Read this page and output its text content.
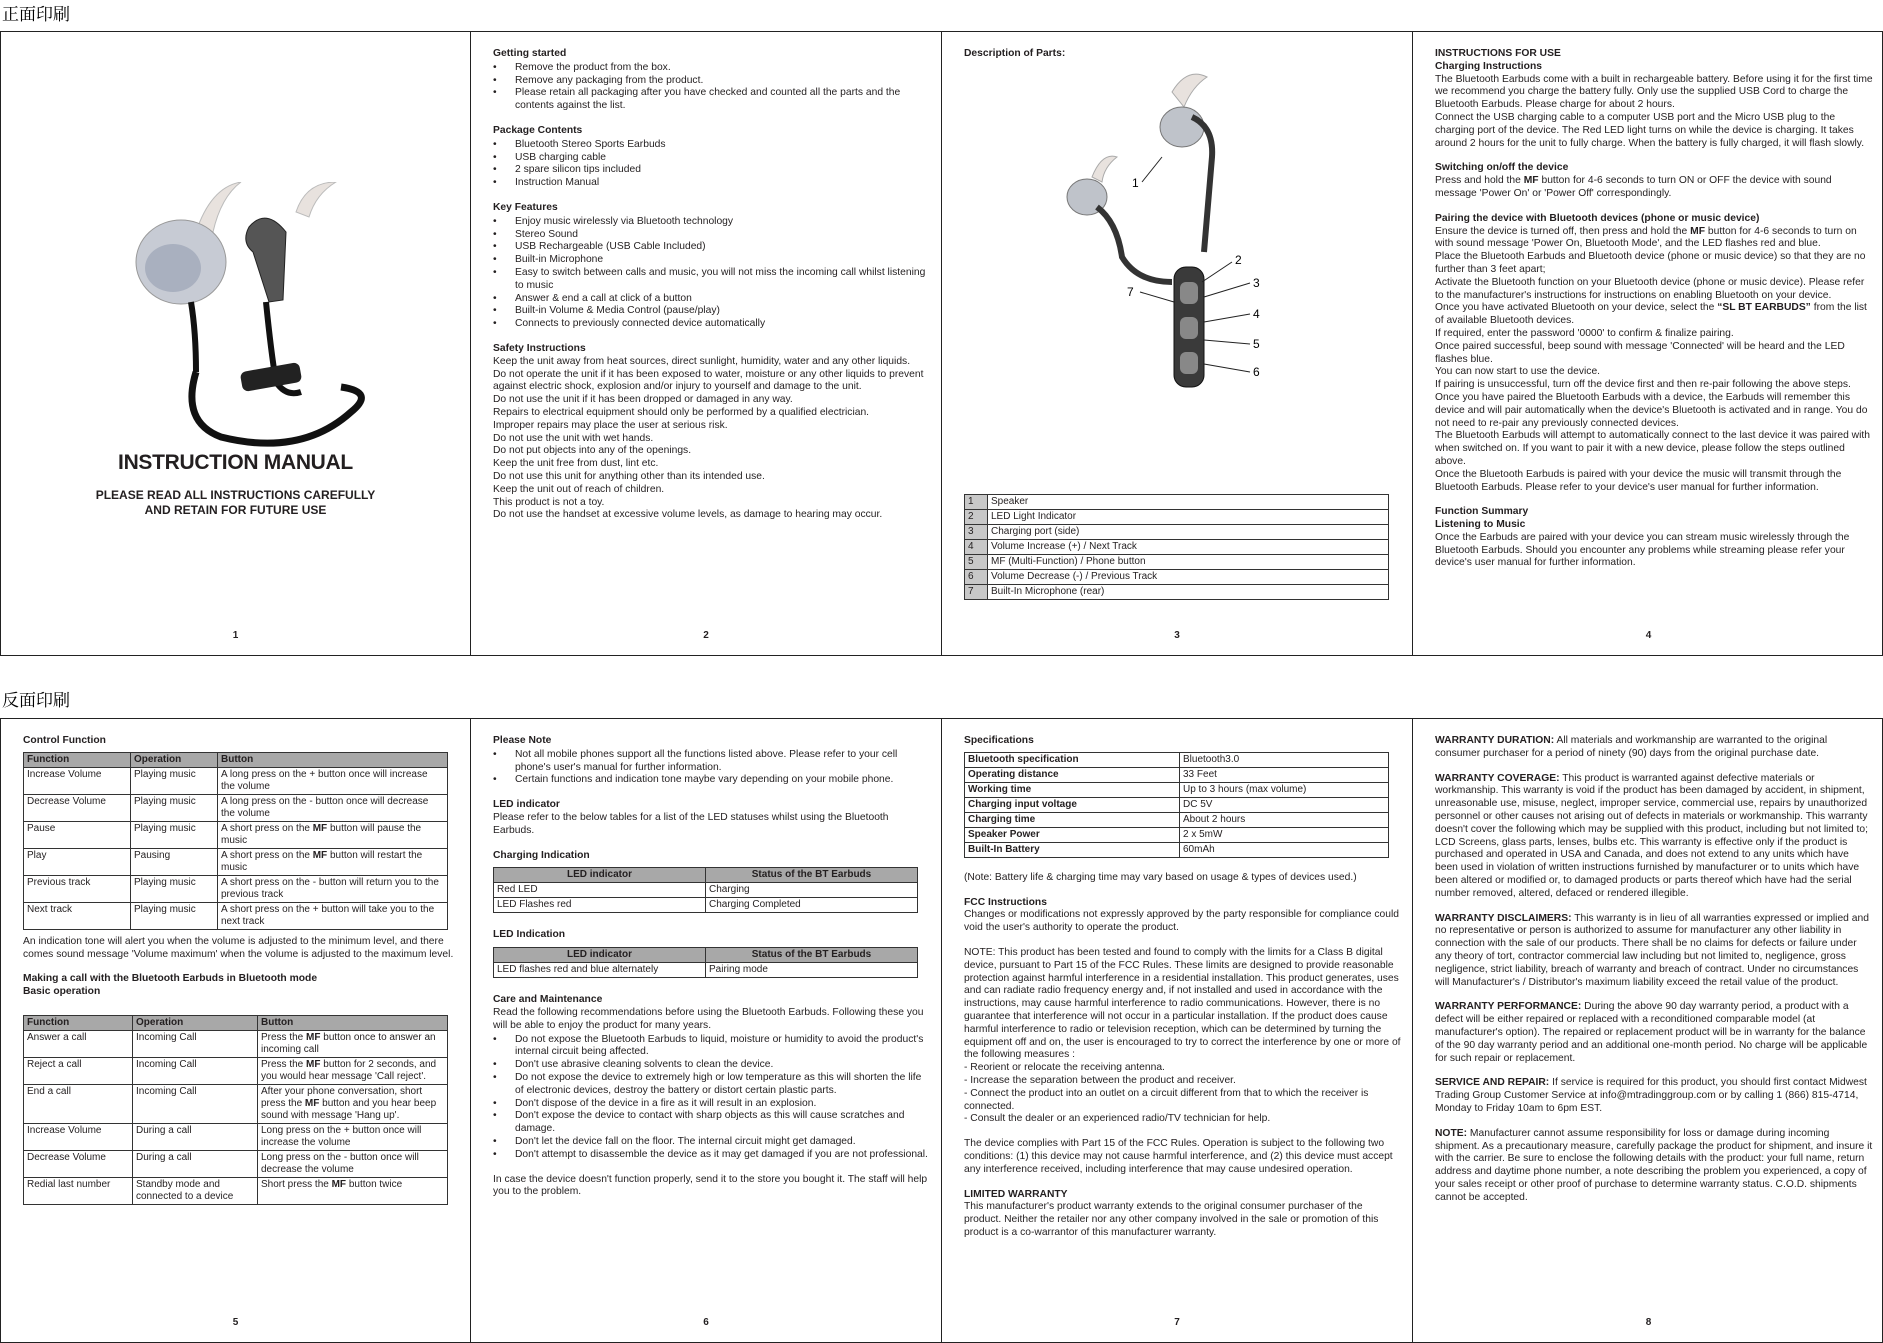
正面印刷
反面印刷
INSTRUCTION MANUAL
PLEASE READ ALL INSTRUCTIONS CAREFULLY
AND RETAIN FOR FUTURE USE
1
Getting started
• Remove the product from the box.
• Remove any packaging from the product.
• Please retain all packaging after you have checked and counted all the parts and the contents against the list.
Package Contents
• Bluetooth Stereo Sports Earbuds
• USB charging cable
• 2 spare silicon tips included
• Instruction Manual
Key Features
• Enjoy music wirelessly via Bluetooth technology
• Stereo Sound
• USB Rechargeable (USB Cable Included)
• Built-in Microphone
• Easy to switch between calls and music, you will not miss the incoming call whilst listening to music
• Answer & end a call at click of a button
• Built-in Volume & Media Control (pause/play)
• Connects to previously connected device automatically
Safety Instructions

Keep the unit away from heat sources, direct sunlight, humidity, water and any other liquids.

Do not operate the unit if it has been exposed to water, moisture or any other liquids to prevent against electric shock, explosion and/or injury to yourself and damage to the unit.

Do not use the unit if it has been dropped or damaged in any way.

Repairs to electrical equipment should only be performed by a qualified electrician.

Improper repairs may place the user at serious risk.

Do not use the unit with wet hands.

Do not put objects into any of the openings.

Keep the unit free from dust, lint etc.

Do not use this unit for anything other than its intended use.

Keep the unit out of reach of children.

This product is not a toy.

Do not use the handset at excessive volume levels, as damage to hearing may occur.

2
Description of Parts:
1
2
3
4
5
6
7
1	Speaker
2	LED Light Indicator
3	Charging port (side)
4	Volume Increase (+) / Next Track
5	MF (Multi-Function) / Phone button
6	Volume Decrease (-) / Previous Track
7	Built-In Microphone (rear)
3
INSTRUCTIONS FOR USE
Charging Instructions

The Bluetooth Earbuds come with a built in rechargeable battery. Before using it for the first time we recommend you charge the battery fully. Only use the supplied USB Cord to charge the Bluetooth Earbuds. Please charge for about 2 hours.

Connect the USB charging cable to a computer USB port and the Micro USB plug to the charging port of the device. The Red LED light turns on while the device is charging. It takes around 2 hours for the unit to fully charge. When the battery is fully charged, it will flash slowly.

Switching on/off the device

Press and hold the MF button for 4-6 seconds to turn ON or OFF the device with sound message 'Power On' or 'Power Off' correspondingly.

Pairing the device with Bluetooth devices (phone or music device)

Ensure the device is turned off, then press and hold the MF button for 4-6 seconds to turn on with sound message 'Power On, Bluetooth Mode', and the LED flashes red and blue.

Place the Bluetooth Earbuds and Bluetooth device (phone or music device) so that they are no further than 3 feet apart;

Activate the Bluetooth function on your Bluetooth device (phone or music device). Please refer to the manufacturer's instructions for instructions on enabling Bluetooth on your device.

Once you have activated Bluetooth on your device, select the “SL BT EARBUDS” from the list of available Bluetooth devices.

If required, enter the password '0000' to confirm & finalize pairing.

Once paired successful, beep sound with message 'Connected' will be heard and the LED flashes blue.

You can now start to use the device.

If pairing is unsuccessful, turn off the device first and then re-pair following the above steps.

Once you have paired the Bluetooth Earbuds with a device, the Earbuds will remember this device and will pair automatically when the device's Bluetooth is activated and in range. You do not need to re-pair any previously connected devices.

The Bluetooth Earbuds will attempt to automatically connect to the last device it was paired with when switched on. If you want to pair it with a new device, please follow the steps outlined above.

Once the Bluetooth Earbuds is paired with your device the music will transmit through the Bluetooth Earbuds. Please refer to your device's user manual for further information.

Function Summary
Listening to Music

Once the Earbuds are paired with your device you can stream music wirelessly through the Bluetooth Earbuds. Should you encounter any problems while streaming please refer your device's user manual for further information.

4
Control Function
Function	Operation	Button
Increase Volume	Playing music	A long press on the + button once will increase the volume
Decrease Volume	Playing music	A long press on the - button once will decrease the volume
Pause	Playing music	A short press on the MF button will pause the music
Play	Pausing	A short press on the MF button will restart the music
Previous track	Playing music	A short press on the - button will return you to the previous track
Next track	Playing music	A short press on the + button will take you to the next track

An indication tone will alert you when the volume is adjusted to the minimum level, and there comes sound message 'Volume maximum' when the volume is adjusted to the maximum level.

Making a call with the Bluetooth Earbuds in Bluetooth mode
Basic operation
Function	Operation	Button
Answer a call	Incoming Call	Press the MF button once to answer an incoming call
Reject a call	Incoming Call	Press the MF button for 2 seconds, and you would hear message 'Call reject'.
End a call	Incoming Call	After your phone conversation, short press the MF button and you hear beep sound with message 'Hang up'.
Increase Volume	During a call	Long press on the + button once will increase the volume
Decrease Volume	During a call	Long press on the - button once will decrease the volume
Redial last number	Standby mode and connected to a device	Short press the MF button twice
5
Please Note
• Not all mobile phones support all the functions listed above. Please refer to your cell phone's user's manual for further information.
• Certain functions and indication tone maybe vary depending on your mobile phone.
LED indicator

Please refer to the below tables for a list of the LED statuses whilst using the Bluetooth Earbuds.

Charging Indication
LED indicator	Status of the BT Earbuds
Red LED	Charging
LED Flashes red	Charging Completed
LED Indication
LED indicator	Status of the BT Earbuds
LED flashes red and blue alternately	Pairing mode
Care and Maintenance

Read the following recommendations before using the Bluetooth Earbuds. Following these you will be able to enjoy the product for many years.

• Do not expose the Bluetooth Earbuds to liquid, moisture or humidity to avoid the product's internal circuit being affected.
• Don't use abrasive cleaning solvents to clean the device.
• Do not expose the device to extremely high or low temperature as this will shorten the life of electronic devices, destroy the battery or distort certain plastic parts.
• Don't dispose of the device in a fire as it will result in an explosion.
• Don't expose the device to contact with sharp objects as this will cause scratches and damage.
• Don't let the device fall on the floor. The internal circuit might get damaged.
• Don't attempt to disassemble the device as it may get damaged if you are not professional.

In case the device doesn't function properly, send it to the store you bought it. The staff will help you to the problem.

6
Specifications
Bluetooth specification	Bluetooth3.0
Operating distance	33 Feet
Working time	Up to 3 hours (max volume)
Charging input voltage	DC 5V
Charging time	About 2 hours
Speaker Power	2 x 5mW
Built-In Battery	60mAh

(Note: Battery life & charging time may vary based on usage & types of devices used.)

FCC Instructions

Changes or modifications not expressly approved by the party responsible for compliance could void the user's authority to operate the product.

NOTE: This product has been tested and found to comply with the limits for a Class B digital device, pursuant to Part 15 of the FCC Rules. These limits are designed to provide reasonable protection against harmful interference in a residential installation. This product generates, uses and can radiate radio frequency energy and, if not installed and used in accordance with the instructions, may cause harmful interference to radio communications. However, there is no guarantee that interference will not occur in a particular installation. If the product does cause harmful interference to radio or television reception, which can be determined by turning the equipment off and on, the user is encouraged to try to correct the interference by one or more of the following measures :

- Reorient or relocate the receiving antenna.

- Increase the separation between the product and receiver.

- Connect the product into an outlet on a circuit different from that to which the receiver is connected.

- Consult the dealer or an experienced radio/TV technician for help.

The device complies with Part 15 of the FCC Rules. Operation is subject to the following two conditions: (1) this device may not cause harmful interference, and (2) this device must accept any interference received, including interference that may cause undesired operation.

LIMITED WARRANTY

This manufacturer's product warranty extends to the original consumer purchaser of the product. Neither the retailer nor any other company involved in the sale or promotion of this product is a co-warrantor of this manufacturer warranty.

7

WARRANTY DURATION: All materials and workmanship are warranted to the original consumer purchaser for a period of ninety (90) days from the original purchase date.

WARRANTY COVERAGE: This product is warranted against defective materials or workmanship. This warranty is void if the product has been damaged by accident, in shipment, unreasonable use, misuse, neglect, improper service, commercial use, repairs by unauthorized personnel or other causes not arising out of defects in materials or workmanship. This warranty doesn't cover the following which may be supplied with this product, including but not limited to; LCD Screens, glass parts, lenses, bulbs etc. This warranty is effective only if the product is purchased and operated in USA and Canada, and does not extend to any units which have been used in violation of written instructions furnished by manufacturer or to units which have been altered or modified or, to damaged products or parts thereof which have had the serial number removed, altered, defaced or rendered illegible.

WARRANTY DISCLAIMERS: This warranty is in lieu of all warranties expressed or implied and no representative or person is authorized to assume for manufacturer any other liability in connection with the sale of our products. There shall be no claims for defects or failure under any theory of tort, contractor commercial law including but not limited to, negligence, gross negligence, strict liability, breach of warranty and breach of contract. Under no circumstances will Manufacturer's / Distributor's maximum liability exceed the retail value of the product.

WARRANTY PERFORMANCE: During the above 90 day warranty period, a product with a defect will be either repaired or replaced with a reconditioned comparable model (at manufacturer's option). The repaired or replacement product will be in warranty for the balance of the 90 day warranty period and an additional one-month period. No charge will be applicable for such repair or replacement.

SERVICE AND REPAIR: If service is required for this product, you should first contact Midwest Trading Group Customer Service at info@mtradinggroup.com or by calling 1 (866) 815-4714, Monday to Friday 10am to 6pm EST.

NOTE: Manufacturer cannot assume responsibility for loss or damage during incoming shipment. As a precautionary measure, carefully package the product for shipment, and insure it with the carrier. Be sure to enclose the following details with the product: your full name, return address and daytime phone number, a note describing the problem you experienced, a copy of your sales receipt or other proof of purchase to determine warranty status. C.O.D. shipments cannot be accepted.

8
